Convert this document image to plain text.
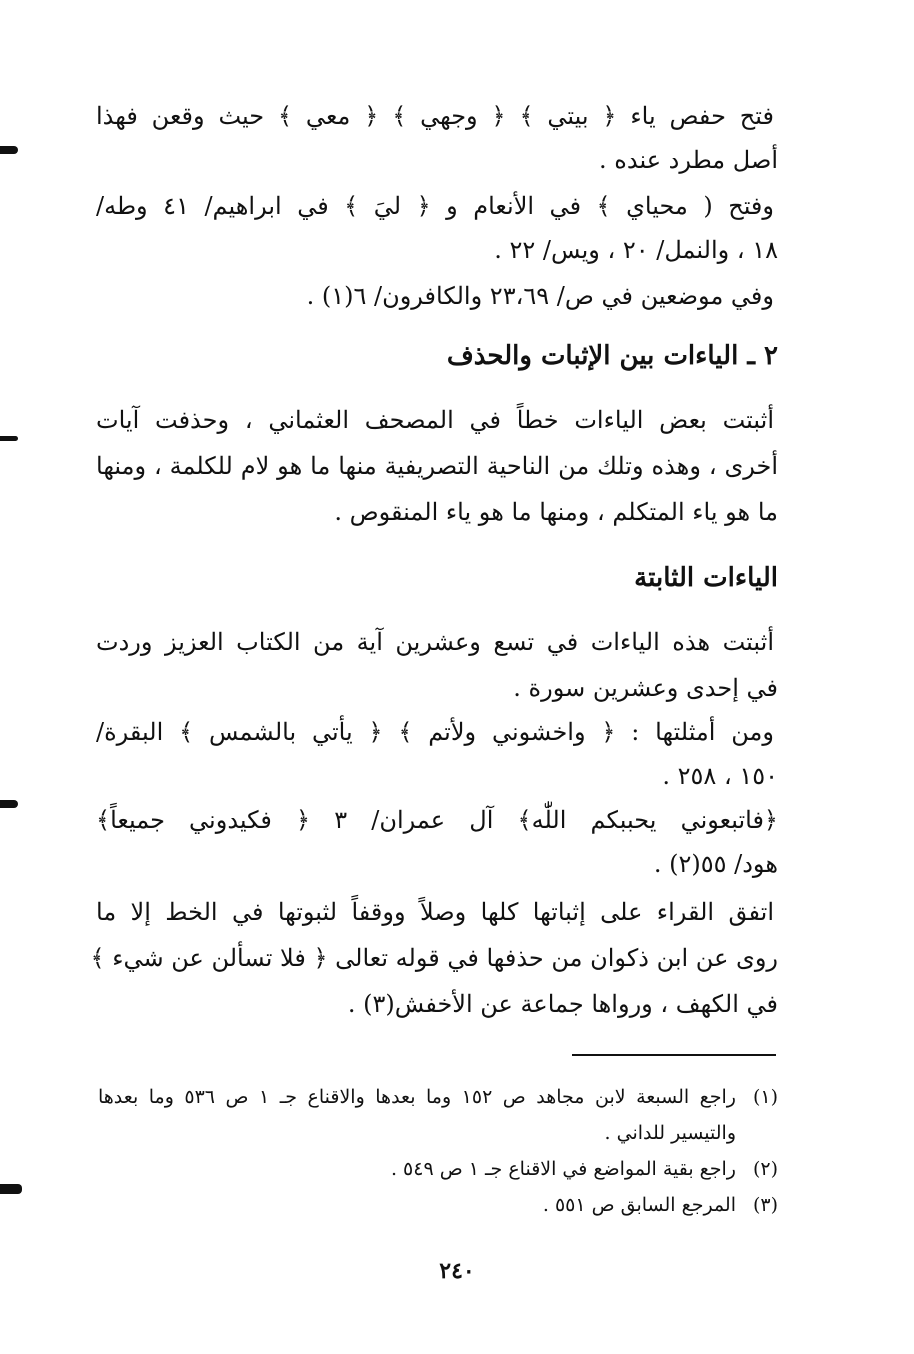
فتح حفص ياء ﴿ بيتي ﴾ ﴿ وجهي ﴾ ﴿ معي ﴾ حيث وقعن فهذا
أصل مطرد عنده .
وفتح ( محياي ﴾ في الأنعام و ﴿ ليَ ﴾ في ابراهيم/ ٤١ وطه/
١٨ ، والنمل/ ٢٠ ، ويس/ ٢٢ .
وفي موضعين في ص/ ٢٣،٦٩ والكافرون/ ٦(١) .
٢ ـ الياءات بين الإثبات والحذف
أثبتت بعض الياءات خطاً في المصحف العثماني ، وحذفت آيات
أخرى ، وهذه وتلك من الناحية التصريفية منها ما هو لام للكلمة ، ومنها
ما هو ياء المتكلم ، ومنها ما هو ياء المنقوص .
الياءات الثابتة
أثبتت هذه الياءات في تسع وعشرين آية من الكتاب العزيز وردت
في إحدى وعشرين سورة .
ومن أمثلتها : ﴿ واخشوني ولأتم ﴾ ﴿ يأتي بالشمس ﴾ البقرة/
١٥٠ ، ٢٥٨ .
﴿فاتبعوني يحببكم اللّٰه﴾ آل عمران/ ٣ ﴿ فكيدوني جميعاً﴾
هود/ ٥٥(٢) .
اتفق القراء على إثباتها كلها وصلاً ووقفاً لثبوتها في الخط إلا ما
روى عن ابن ذكوان من حذفها في قوله تعالى ﴿ فلا تسألن عن شيء ﴾
في الكهف ، ورواها جماعة عن الأخفش(٣) .
(١)
راجع السبعة لابن مجاهد ص ١٥٢ وما بعدها والاقناع جـ ١ ص ٥٣٦ وما بعدها
والتيسير للداني .
(٢)
راجع بقية المواضع في الاقناع جـ ١ ص ٥٤٩ .
(٣)
المرجع السابق ص ٥٥١ .
٢٤٠
